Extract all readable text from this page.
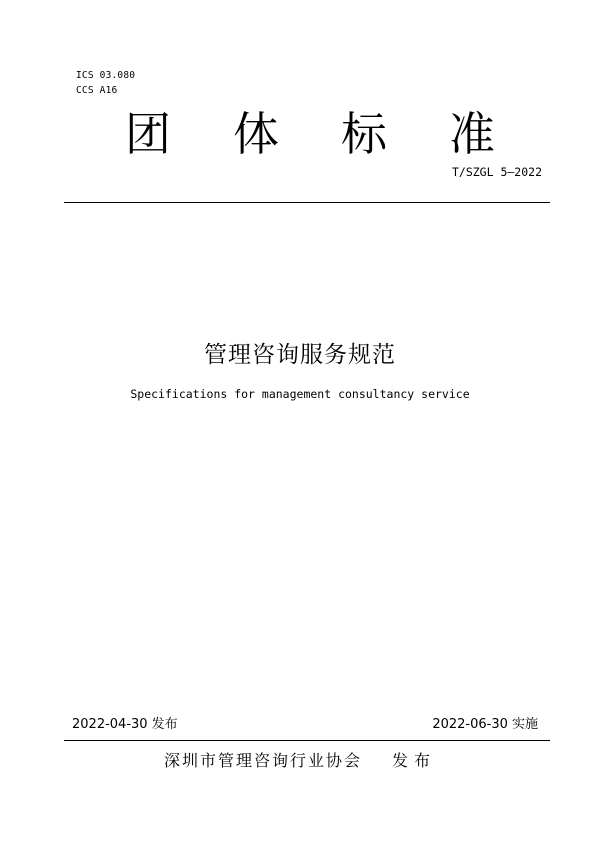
ICS 03.080
CCS A16
团 体 标 准
T/SZGL 5—2022
管理咨询服务规范
Specifications for management consultancy service
2022-04-30 发布	2022-06-30 实施
深圳市管理咨询行业协会 发布
